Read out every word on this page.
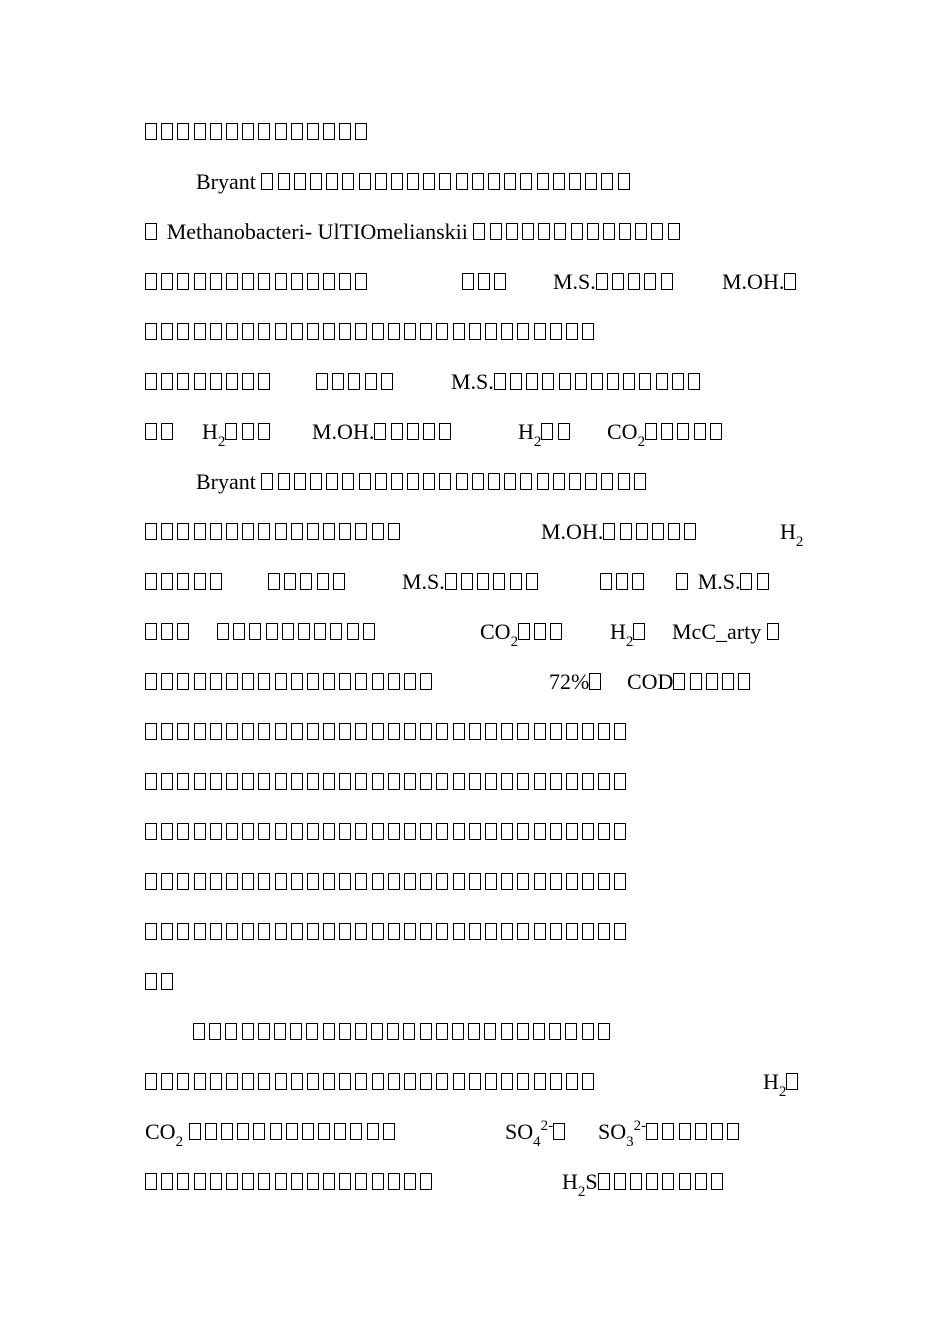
Bryant
Methanobacteri- UlTIOmelianskii
M.S.	M.OH.
M.S.
$H_2$	M.OH.	$H_2$	$CO_2$
Bryant
M.OH.	$H_2$
M.S.	M.S.
$CO_2$	$H_2$	McC_arty
72%	COD
$H_2$
$CO_2$	$SO_4^{2-}$	$SO_3^{2-}$
$H_2S$
